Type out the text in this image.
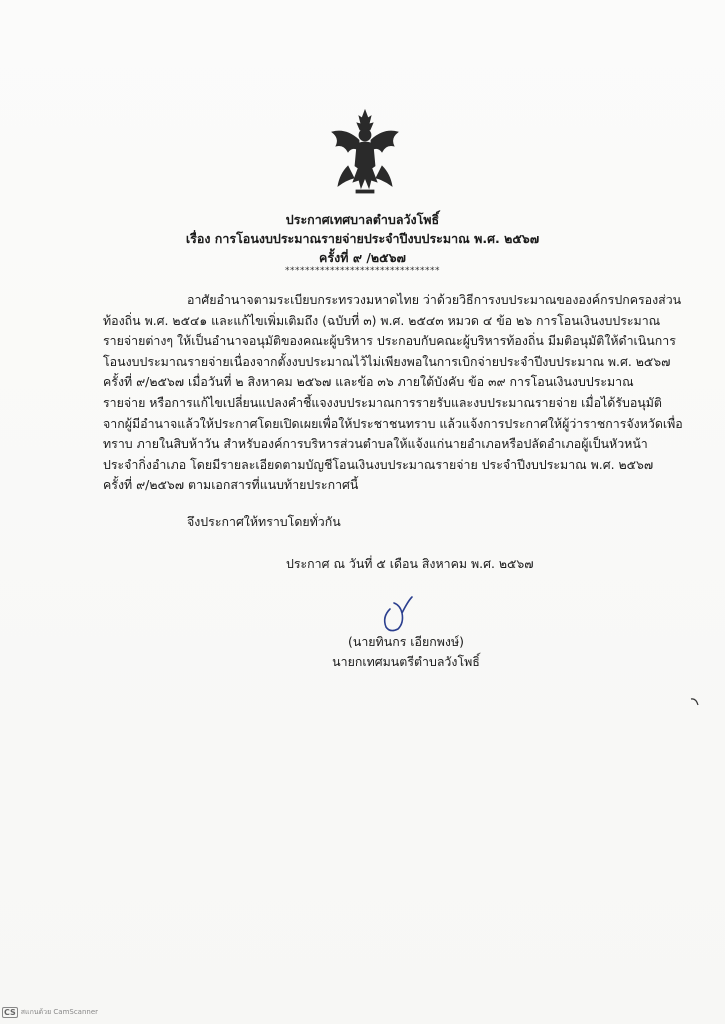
ประกาศเทศบาลตำบลวังโพธิ์
เรื่อง การโอนงบประมาณรายจ่ายประจำปีงบประมาณ พ.ศ. ๒๕๖๗
ครั้งที่ ๙ /๒๕๖๗
*******************************
อาศัยอำนาจตามระเบียบกระทรวงมหาดไทย ว่าด้วยวิธีการงบประมาณขององค์กรปกครองส่วน
ท้องถิ่น พ.ศ. ๒๕๔๑ และแก้ไขเพิ่มเติมถึง (ฉบับที่ ๓) พ.ศ. ๒๕๔๓ หมวด ๔ ข้อ ๒๖ การโอนเงินงบประมาณ
รายจ่ายต่างๆ ให้เป็นอำนาจอนุมัติของคณะผู้บริหาร ประกอบกับคณะผู้บริหารท้องถิ่น มีมติอนุมัติให้ดำเนินการ
โอนงบประมาณรายจ่ายเนื่องจากตั้งงบประมาณไว้ไม่เพียงพอในการเบิกจ่ายประจำปีงบประมาณ พ.ศ. ๒๕๖๗
ครั้งที่ ๙/๒๕๖๗ เมื่อวันที่ ๒ สิงหาคม ๒๕๖๗ และข้อ ๓๖ ภายใต้บังคับ ข้อ ๓๙ การโอนเงินงบประมาณ
รายจ่าย หรือการแก้ไขเปลี่ยนแปลงคำชี้แจงงบประมาณการรายรับและงบประมาณรายจ่าย เมื่อได้รับอนุมัติ
จากผู้มีอำนาจแล้วให้ประกาศโดยเปิดเผยเพื่อให้ประชาชนทราบ แล้วแจ้งการประกาศให้ผู้ว่าราชการจังหวัดเพื่อ
ทราบ ภายในสิบห้าวัน สำหรับองค์การบริหารส่วนตำบลให้แจ้งแก่นายอำเภอหรือปลัดอำเภอผู้เป็นหัวหน้า
ประจำกิ่งอำเภอ โดยมีรายละเอียดตามบัญชีโอนเงินงบประมาณรายจ่าย ประจำปีงบประมาณ พ.ศ. ๒๕๖๗
ครั้งที่ ๙/๒๕๖๗ ตามเอกสารที่แนบท้ายประกาศนี้
จึงประกาศให้ทราบโดยทั่วกัน
ประกาศ ณ วันที่ ๕ เดือน สิงหาคม พ.ศ. ๒๕๖๗
(นายทินกร เอียกพงษ์)
นายกเทศมนตรีตำบลวังโพธิ์
CS สแกนด้วย CamScanner
